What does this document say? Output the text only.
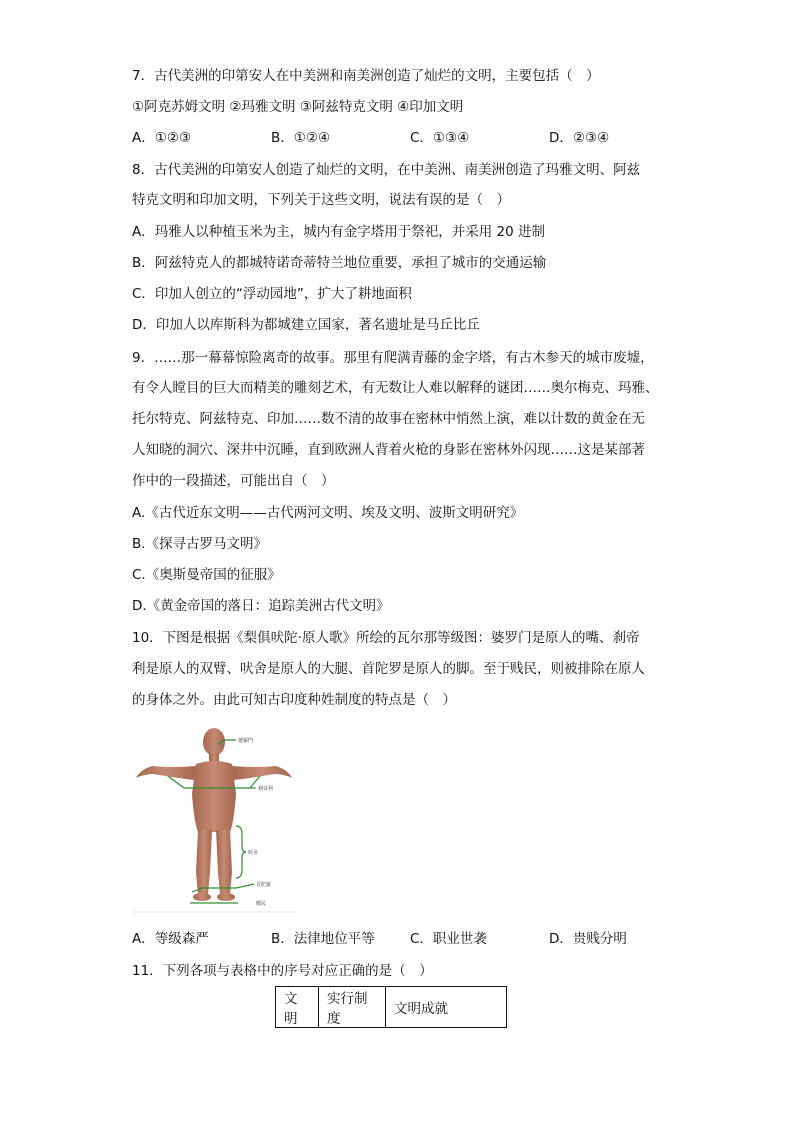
7．古代美洲的印第安人在中美洲和南美洲创造了灿烂的文明，主要包括（　）
①阿克苏姆文明 ②玛雅文明 ③阿兹特克文明 ④印加文明
A．①②③	B．①②④	C．①③④	D．②③④
8．古代美洲的印第安人创造了灿烂的文明，在中美洲、南美洲创造了玛雅文明、阿兹
特克文明和印加文明，下列关于这些文明，说法有误的是（　）
A．玛雅人以种植玉米为主，城内有金字塔用于祭祀，并采用 20 进制
B．阿兹特克人的都城特诺奇蒂特兰地位重要，承担了城市的交通运输
C．印加人创立的“浮动园地”，扩大了耕地面积
D．印加人以库斯科为都城建立国家，著名遗址是马丘比丘
9．……那一幕幕惊险离奇的故事。那里有爬满青藤的金字塔，有古木参天的城市废墟，
有令人瞠目的巨大而精美的雕刻艺术，有无数让人难以解释的谜团……奥尔梅克、玛雅、
托尔特克、阿兹特克、印加……数不清的故事在密林中悄然上演，难以计数的黄金在无
人知晓的洞穴、深井中沉睡，直到欧洲人背着火枪的身影在密林外闪现……这是某部著
作中的一段描述，可能出自（　）
A.《古代近东文明——古代两河文明、埃及文明、波斯文明研究》
B.《探寻古罗马文明》
C.《奥斯曼帝国的征服》
D.《黄金帝国的落日：追踪美洲古代文明》
10．下图是根据《梨俱吠陀·原人歌》所绘的瓦尔那等级图：婆罗门是原人的嘴、刹帝
利是原人的双臂、吠舍是原人的大腿、首陀罗是原人的脚。至于贱民，则被排除在原人
的身体之外。由此可知古印度种姓制度的特点是（　）
婆羅門
剎帝利
吠舍
首陀羅
賤民
A．等级森严	B．法律地位平等	C．职业世袭	D．贵贱分明
11．下列各项与表格中的序号对应正确的是（　）
文明	实行制度	文明成就
